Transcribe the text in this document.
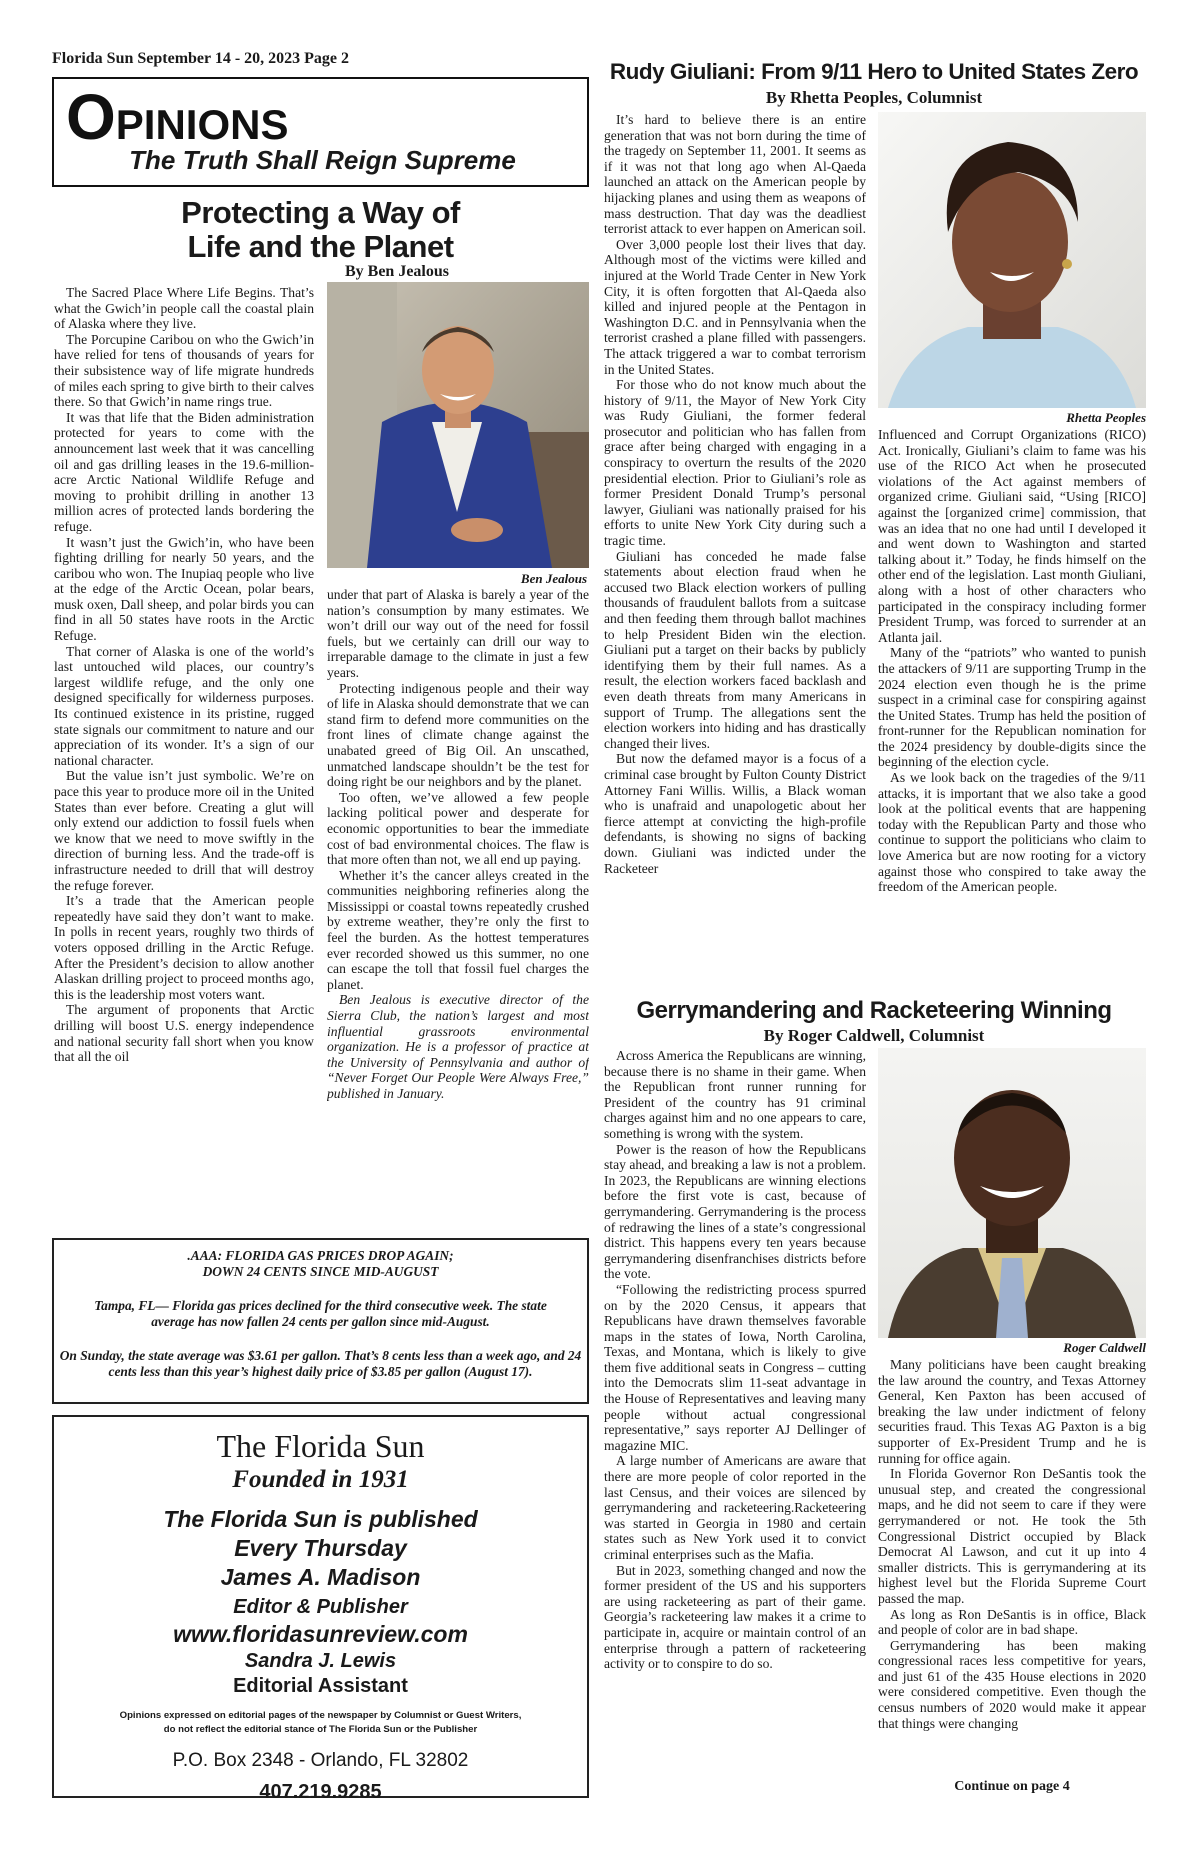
Florida Sun September 14 - 20, 2023 Page 2
OPINIONS
The Truth Shall Reign Supreme
Protecting a Way of
Life and the Planet
By Ben Jealous

The Sacred Place Where Life Begins. That’s what the Gwich’in people call the coastal plain of Alaska where they live.

The Porcupine Caribou on who the Gwich’in have relied for tens of thousands of years for their subsistence way of life migrate hundreds of miles each spring to give birth to their calves there. So that Gwich’in name rings true.

It was that life that the Biden administration protected for years to come with the announcement last week that it was cancelling oil and gas drilling leases in the 19.6-million-acre Arctic National Wildlife Refuge and moving to prohibit drilling in another 13 million acres of protected lands bordering the refuge.

It wasn’t just the Gwich’in, who have been fighting drilling for nearly 50 years, and the caribou who won. The Inupiaq people who live at the edge of the Arctic Ocean, polar bears, musk oxen, Dall sheep, and polar birds you can find in all 50 states have roots in the Arctic Refuge.

That corner of Alaska is one of the world’s last untouched wild places, our country’s largest wildlife refuge, and the only one designed specifically for wilderness purposes. Its continued existence in its pristine, rugged state signals our commitment to nature and our appreciation of its wonder. It’s a sign of our national character.

But the value isn’t just symbolic. We’re on pace this year to produce more oil in the United States than ever before. Creating a glut will only extend our addiction to fossil fuels when we know that we need to move swiftly in the direction of burning less. And the trade-off is infrastructure needed to drill that will destroy the refuge forever.

It’s a trade that the American people repeatedly have said they don’t want to make. In polls in recent years, roughly two thirds of voters opposed drilling in the Arctic Refuge. After the President’s decision to allow another Alaskan drilling project to proceed months ago, this is the leadership most voters want.

The argument of proponents that Arctic drilling will boost U.S. energy independence and national security fall short when you know that all the oil

Ben Jealous

under that part of Alaska is barely a year of the nation’s consumption by many estimates. We won’t drill our way out of the need for fossil fuels, but we certainly can drill our way to irreparable damage to the climate in just a few years.

Protecting indigenous people and their way of life in Alaska should demonstrate that we can stand firm to defend more communities on the front lines of climate change against the unabated greed of Big Oil. An unscathed, unmatched landscape shouldn’t be the test for doing right be our neighbors and by the planet.

Too often, we’ve allowed a few people lacking political power and desperate for economic opportunities to bear the immediate cost of bad environmental choices. The flaw is that more often than not, we all end up paying.

Whether it’s the cancer alleys created in the communities neighboring refineries along the Mississippi or coastal towns repeatedly crushed by extreme weather, they’re only the first to feel the burden. As the hottest temperatures ever recorded showed us this summer, no one can escape the toll that fossil fuel charges the planet.

Ben Jealous is executive director of the Sierra Club, the nation’s largest and most influential grassroots environmental organization. He is a professor of practice at the University of Pennsylvania and author of “Never Forget Our People Were Always Free,” published in January.

.AAA: FLORIDA GAS PRICES DROP AGAIN;
DOWN 24 CENTS SINCE MID-AUGUST
Tampa, FL— Florida gas prices declined for the third consecutive week. The state average has now fallen 24 cents per gallon since mid-August.
On Sunday, the state average was $3.61 per gallon. That’s 8 cents less than a week ago, and 24 cents less than this year’s highest daily price of $3.85 per gallon (August 17).
The Florida Sun
Founded in 1931
The Florida Sun is published
Every Thursday
James A. Madison
Editor & Publisher
www.floridasunreview.com
Sandra J. Lewis
Editorial Assistant
Opinions expressed on editorial pages of the newspaper by Columnist or Guest Writers,
do not reflect the editorial stance of The Florida Sun or the Publisher
P.O. Box 2348 - Orlando, FL 32802
407.219.9285
Rudy Giuliani: From 9/11 Hero to United States Zero
By Rhetta Peoples, Columnist

It’s hard to believe there is an entire generation that was not born during the time of the tragedy on September 11, 2001. It seems as if it was not that long ago when Al-Qaeda launched an attack on the American people by hijacking planes and using them as weapons of mass destruction. That day was the deadliest terrorist attack to ever happen on American soil.

Over 3,000 people lost their lives that day. Although most of the victims were killed and injured at the World Trade Center in New York City, it is often forgotten that Al-Qaeda also killed and injured people at the Pentagon in Washington D.C. and in Pennsylvania when the terrorist crashed a plane filled with passengers. The attack triggered a war to combat terrorism in the United States.

For those who do not know much about the history of 9/11, the Mayor of New York City was Rudy Giuliani, the former federal prosecutor and politician who has fallen from grace after being charged with engaging in a conspiracy to overturn the results of the 2020 presidential election. Prior to Giuliani’s role as former President Donald Trump’s personal lawyer, Giuliani was nationally praised for his efforts to unite New York City during such a tragic time.

Giuliani has conceded he made false statements about election fraud when he accused two Black election workers of pulling thousands of fraudulent ballots from a suitcase and then feeding them through ballot machines to help President Biden win the election. Giuliani put a target on their backs by publicly identifying them by their full names. As a result, the election workers faced backlash and even death threats from many Americans in support of Trump. The allegations sent the election workers into hiding and has drastically changed their lives.

But now the defamed mayor is a focus of a criminal case brought by Fulton County District Attorney Fani Willis. Willis, a Black woman who is unafraid and unapologetic about her fierce attempt at convicting the high-profile defendants, is showing no signs of backing down. Giuliani was indicted under the Racketeer

Rhetta Peoples

Influenced and Corrupt Organizations (RICO) Act. Ironically, Giuliani’s claim to fame was his use of the RICO Act when he prosecuted violations of the Act against members of organized crime. Giuliani said, “Using [RICO] against the [organized crime] commission, that was an idea that no one had until I developed it and went down to Washington and started talking about it.” Today, he finds himself on the other end of the legislation. Last month Giuliani, along with a host of other characters who participated in the conspiracy including former President Trump, was forced to surrender at an Atlanta jail.

Many of the “patriots” who wanted to punish the attackers of 9/11 are supporting Trump in the 2024 election even though he is the prime suspect in a criminal case for conspiring against the United States. Trump has held the position of front-runner for the Republican nomination for the 2024 presidency by double-digits since the beginning of the election cycle.

As we look back on the tragedies of the 9/11 attacks, it is important that we also take a good look at the political events that are happening today with the Republican Party and those who continue to support the politicians who claim to love America but are now rooting for a victory against those who conspired to take away the freedom of the American people.

Gerrymandering and Racketeering Winning
By Roger Caldwell, Columnist

Across America the Republicans are winning, because there is no shame in their game. When the Republican front runner running for President of the country has 91 criminal charges against him and no one appears to care, something is wrong with the system.

Power is the reason of how the Republicans stay ahead, and breaking a law is not a problem. In 2023, the Republicans are winning elections before the first vote is cast, because of gerrymandering. Gerrymandering is the process of redrawing the lines of a state’s congressional district. This happens every ten years because gerrymandering disenfranchises districts before the vote.

“Following the redistricting process spurred on by the 2020 Census, it appears that Republicans have drawn themselves favorable maps in the states of Iowa, North Carolina, Texas, and Montana, which is likely to give them five additional seats in Congress – cutting into the Democrats slim 11-seat advantage in the House of Representatives and leaving many people without actual congressional representative,” says reporter AJ Dellinger of magazine MIC.

A large number of Americans are aware that there are more people of color reported in the last Census, and their voices are silenced by gerrymandering and racketeering.Racketeering was started in Georgia in 1980 and certain states such as New York used it to convict criminal enterprises such as the Mafia.

But in 2023, something changed and now the former president of the US and his supporters are using racketeering as part of their game. Georgia’s racketeering law makes it a crime to participate in, acquire or maintain control of an enterprise through a pattern of racketeering activity or to conspire to do so.

Roger Caldwell

Many politicians have been caught breaking the law around the country, and Texas Attorney General, Ken Paxton has been accused of breaking the law under indictment of felony securities fraud. This Texas AG Paxton is a big supporter of Ex-President Trump and he is running for office again.

In Florida Governor Ron DeSantis took the unusual step, and created the congressional maps, and he did not seem to care if they were gerrymandered or not. He took the 5th Congressional District occupied by Black Democrat Al Lawson, and cut it up into 4 smaller districts. This is gerrymandering at its highest level but the Florida Supreme Court passed the map.

As long as Ron DeSantis is in office, Black and people of color are in bad shape.

Gerrymandering has been making congressional races less competitive for years, and just 61 of the 435 House elections in 2020 were considered competitive. Even though the census numbers of 2020 would make it appear that things were changing

Continue on page 4
